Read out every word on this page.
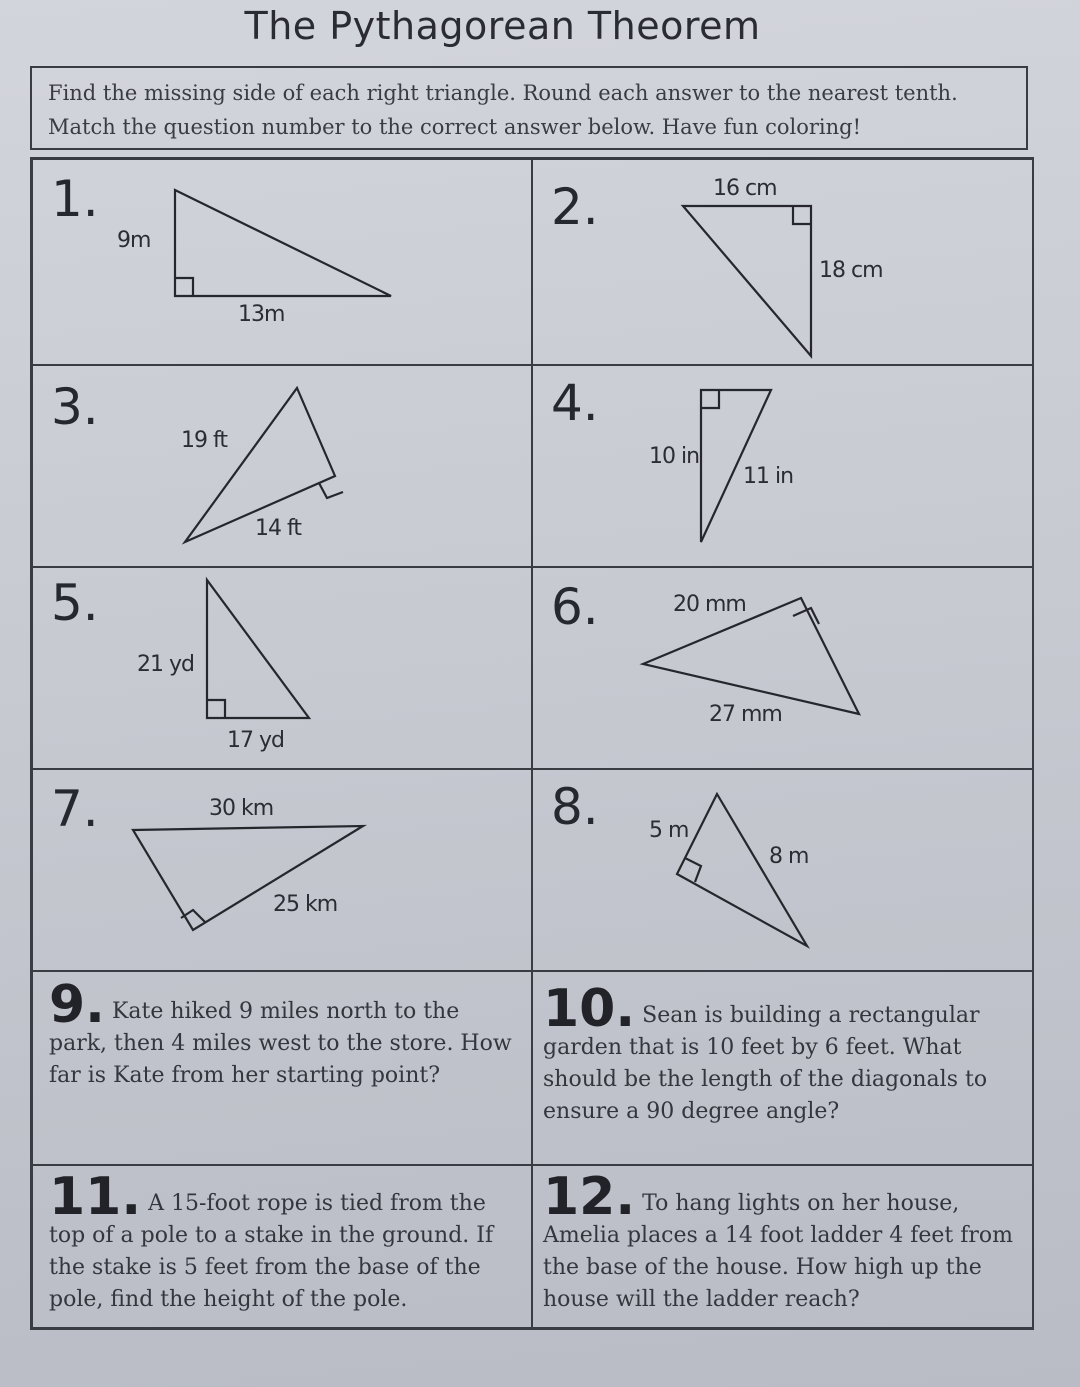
The Pythagorean Theorem
Find the missing side of each right triangle. Round each answer to the nearest tenth.
Match the question number to the correct answer below. Have fun coloring!
1.
9m
13m
2.	16 cm
18 cm
3.
19 ft
14 ft
4.
10 in
11 in
5.
21 yd
17 yd
6.	20 mm
27 mm
7.	30 km
25 km
8. 5 m
8 m
9. Kate hiked 9 miles north to the park, then 4 miles west to the store. How far is Kate from her starting point?
10. Sean is building a rectangular garden that is 10 feet by 6 feet. What should be the length of the diagonals to ensure a 90 degree angle?
11. A 15-foot rope is tied from the top of a pole to a stake in the ground. If the stake is 5 feet from the base of the pole, find the height of the pole.
12. To hang lights on her house, Amelia places a 14 foot ladder 4 feet from the base of the house. How high up the house will the ladder reach?
